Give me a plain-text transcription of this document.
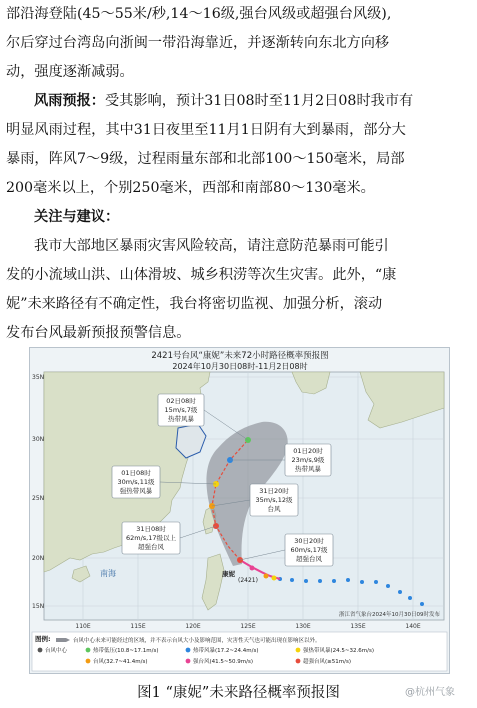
部沿海登陆(45～55米/秒,14～16级,强台风级或超强台风级),
尔后穿过台湾岛向浙闽一带沿海靠近，并逐渐转向东北方向移
动，强度逐渐减弱。
风雨预报：受其影响，预计31日08时至11月2日08时我市有
明显风雨过程，其中31日夜里至11月1日阴有大到暴雨，部分大
暴雨，阵风7～9级，过程雨量东部和北部100～150毫米，局部
200毫米以上，个别250毫米，西部和南部80～130毫米。
关注与建议：
我市大部地区暴雨灾害风险较高，请注意防范暴雨可能引
发的小流域山洪、山体滑坡、城乡积涝等次生灾害。此外，“康
妮”未来路径有不确定性，我台将密切监视、加强分析，滚动
发布台风最新预报预警信息。
2421号台风“康妮”未来72小时路径概率预报图
2024年10月30日08时-11月2日08时
02日08时
15m/s,7级
热带风暴
01日20时
23m/s,9级
热带风暴
01日08时
30m/s,11级
强热带风暴	31日20时
35m/s,12级
台风
31日08时
62m/s,17级以上
超强台风
30日20时
60m/s,17级
超强台风
南海	康妮
(2421)
浙江省气象台2024年10月30日09时发布
35N
30N
25N
20N
15N
110E	115E	120E	125E	130E	135E	140E
图例:	台风中心未来可能经过的区域，并不表示台风大小及影响范围，灾害性天气也可能出现在影响区以外。
台风中心	热带低压(10.8~17.1m/s)	热带风暴(17.2~24.4m/s)	强热带风暴(24.5~32.6m/s)
台风(32.7~41.4m/s)	强台风(41.5~50.9m/s)	超强台风(≥51m/s)
图1 “康妮”未来路径概率预报图	@杭州气象
